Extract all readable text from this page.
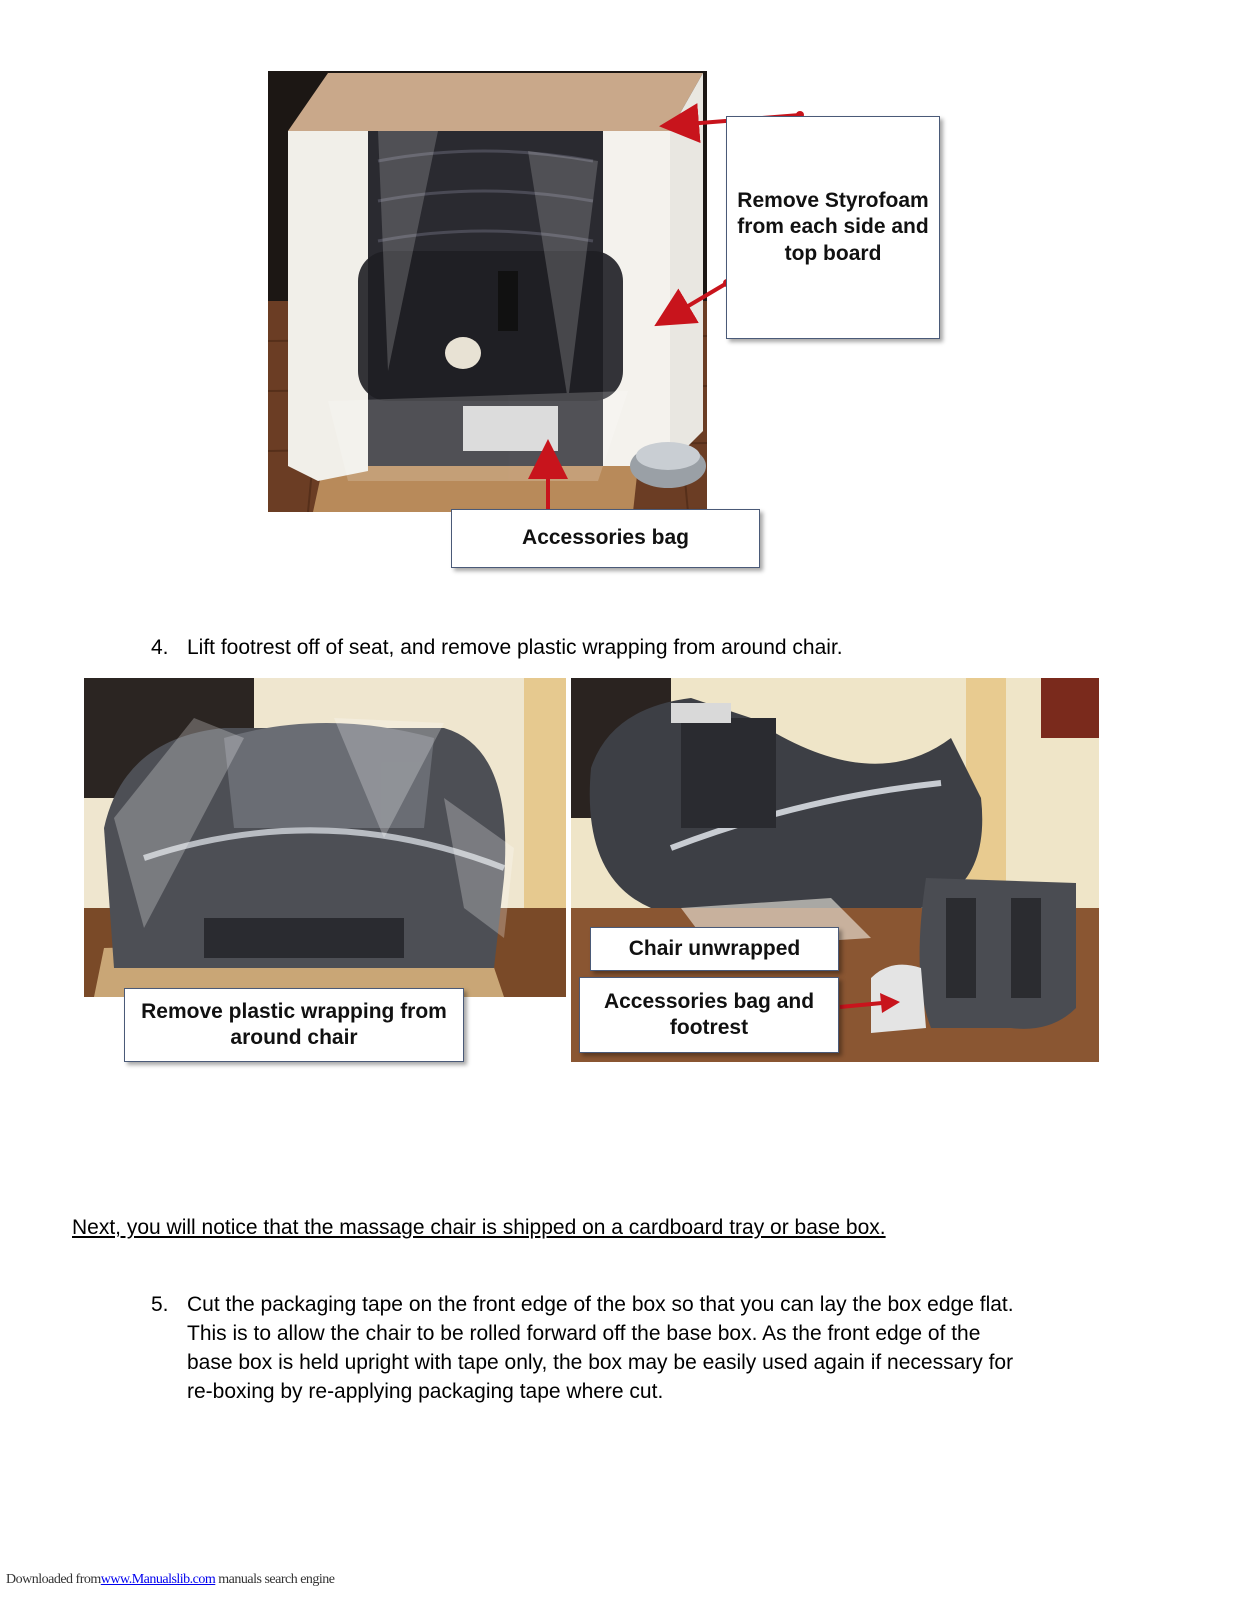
Remove Styrofoam from each side and top board
Accessories bag
4. Lift footrest off of seat, and remove plastic wrapping from around chair.
Remove plastic wrapping from around chair
Chair unwrapped
Accessories bag and footrest
Next, you will notice that the massage chair is shipped on a cardboard tray or base box.
5. Cut the packaging tape on the front edge of the box so that you can lay the box edge flat.
This is to allow the chair to be rolled forward off the base box. As the front edge of the
base box is held upright with tape only, the box may be easily used again if necessary for
re-boxing by re-applying packaging tape where cut.
Downloaded fromwww.Manualslib.com manuals search engine
